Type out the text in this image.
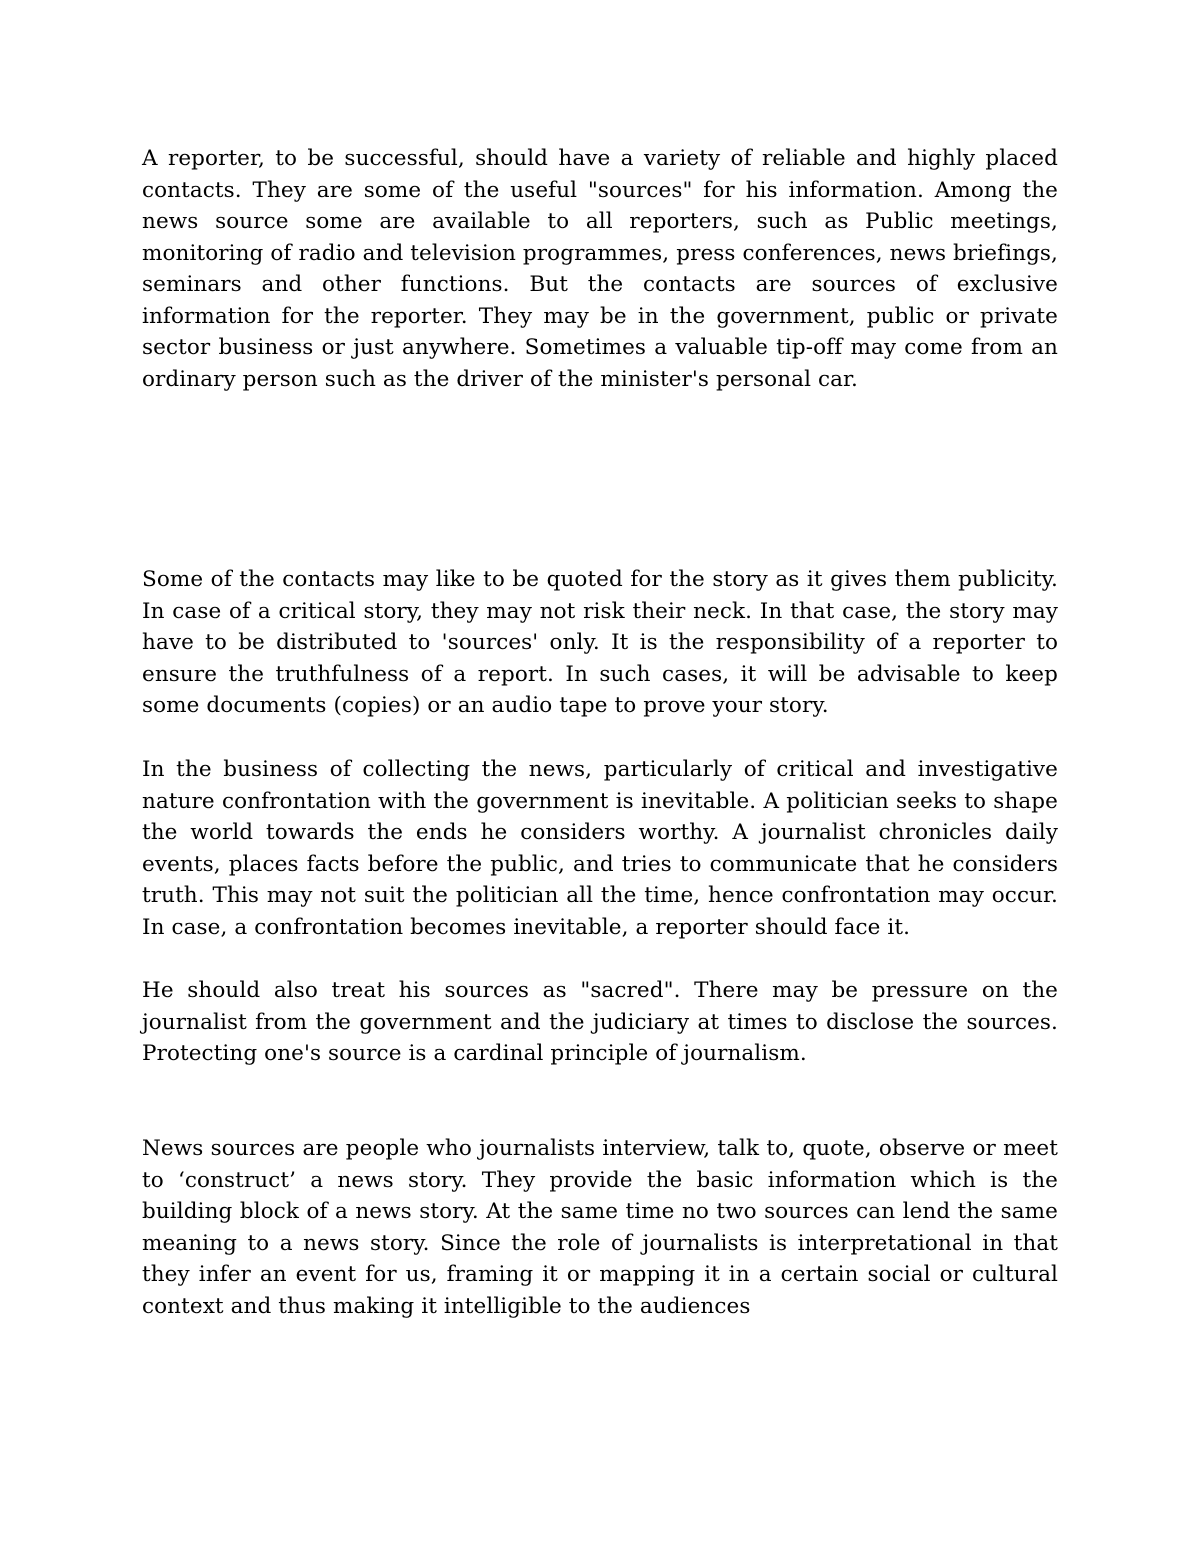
A reporter, to be successful, should have a variety of reliable and highly placed contacts. They are some of the useful "sources" for his information. Among the news source some are available to all reporters, such as Public meetings, monitoring of radio and television programmes, press conferences, news briefings, seminars and other functions. But the contacts are sources of exclusive information for the reporter. They may be in the government, public or private sector business or just anywhere. Sometimes a valuable tip-off may come from an ordinary person such as the driver of the minister's personal car.

Some of the contacts may like to be quoted for the story as it gives them publicity. In case of a critical story, they may not risk their neck. In that case, the story may have to be distributed to 'sources' only. It is the responsibility of a reporter to ensure the truthfulness of a report. In such cases, it will be advisable to keep some documents (copies) or an audio tape to prove your story.

In the business of collecting the news, particularly of critical and investigative nature confrontation with the government is inevitable. A politician seeks to shape the world towards the ends he considers worthy. A journalist chronicles daily events, places facts before the public, and tries to communicate that he considers truth. This may not suit the politician all the time, hence confrontation may occur. In case, a confrontation becomes inevitable, a reporter should face it.

He should also treat his sources as "sacred". There may be pressure on the journalist from the government and the judiciary at times to disclose the sources. Protecting one's source is a cardinal principle of journalism.

News sources are people who journalists interview, talk to, quote, observe or meet to ‘construct’ a news story. They provide the basic information which is the building block of a news story. At the same time no two sources can lend the same meaning to a news story. Since the role of journalists is interpretational in that they infer an event for us, framing it or mapping it in a certain social or cultural context and thus making it intelligible to the audiences
